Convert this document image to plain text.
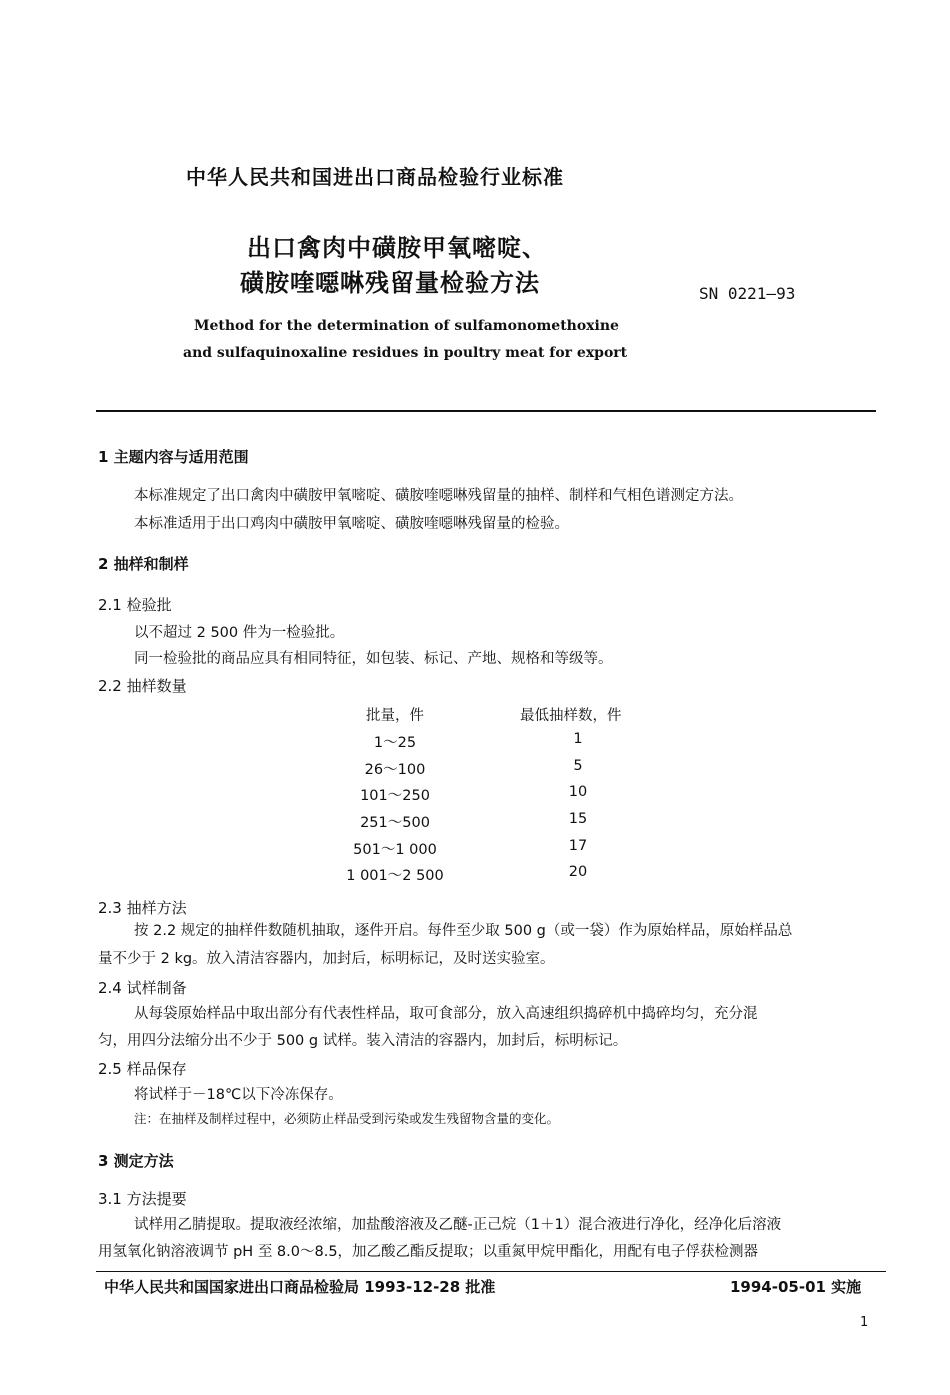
中华人民共和国进出口商品检验行业标准
出口禽肉中磺胺甲氧嘧啶、
磺胺喹噁啉残留量检验方法	SN 0221—93
Method for the determination of sulfamonomethoxine
and sulfaquinoxaline residues in poultry meat for export
1 主题内容与适用范围
本标准规定了出口禽肉中磺胺甲氧嘧啶、磺胺喹噁啉残留量的抽样、制样和气相色谱测定方法。
本标准适用于出口鸡肉中磺胺甲氧嘧啶、磺胺喹噁啉残留量的检验。
2 抽样和制样
2.1 检验批
以不超过 2 500 件为一检验批。
同一检验批的商品应具有相同特征，如包装、标记、产地、规格和等级等。
2.2 抽样数量
批量，件	最低抽样数，件
1～25	1
26～100	5
101～250	10
251～500	15
501～1 000	17
1 001～2 500	20
2.3 抽样方法
按 2.2 规定的抽样件数随机抽取，逐件开启。每件至少取 500 g（或一袋）作为原始样品，原始样品总
量不少于 2 kg。放入清洁容器内，加封后，标明标记，及时送实验室。
2.4 试样制备
从每袋原始样品中取出部分有代表性样品，取可食部分，放入高速组织捣碎机中捣碎均匀，充分混
匀，用四分法缩分出不少于 500 g 试样。装入清洁的容器内，加封后，标明标记。
2.5 样品保存
将试样于－18℃以下冷冻保存。
注：在抽样及制样过程中，必须防止样品受到污染或发生残留物含量的变化。
3 测定方法
3.1 方法提要
试样用乙腈提取。提取液经浓缩，加盐酸溶液及乙醚-正己烷（1＋1）混合液进行净化，经净化后溶液
用氢氧化钠溶液调节 pH 至 8.0～8.5，加乙酸乙酯反提取；以重氮甲烷甲酯化，用配有电子俘获检测器
中华人民共和国国家进出口商品检验局 1993-12-28 批准	1994-05-01 实施
1
